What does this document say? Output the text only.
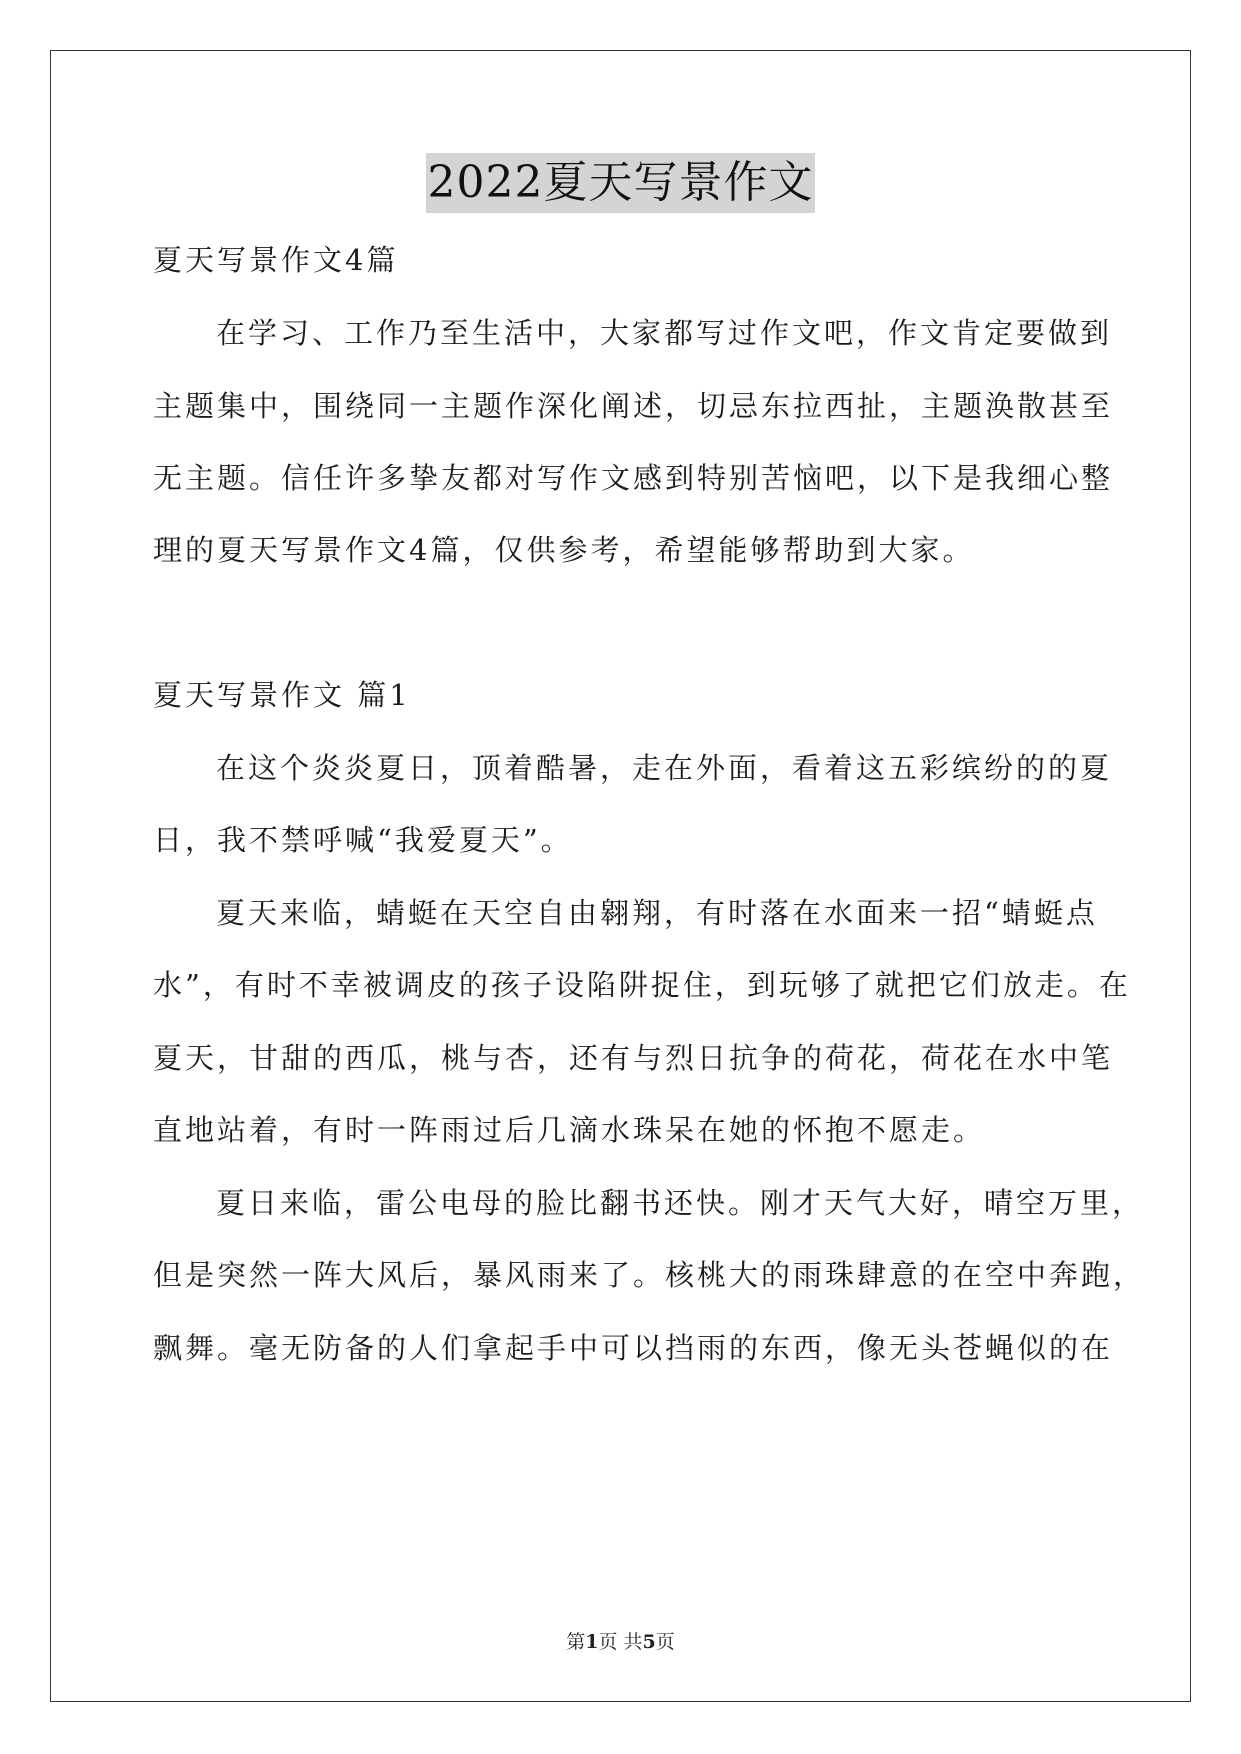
2022夏天写景作文
夏天写景作文4篇
在学习、工作乃至生活中，大家都写过作文吧，作文肯定要做到
主题集中，围绕同一主题作深化阐述，切忌东拉西扯，主题涣散甚至
无主题。信任许多挚友都对写作文感到特别苦恼吧，以下是我细心整
理的夏天写景作文4篇，仅供参考，希望能够帮助到大家。
夏天写景作文 篇1
在这个炎炎夏日，顶着酷暑，走在外面，看着这五彩缤纷的的夏
日，我不禁呼喊“我爱夏天”。
夏天来临，蜻蜓在天空自由翱翔，有时落在水面来一招“蜻蜓点
水”，有时不幸被调皮的孩子设陷阱捉住，到玩够了就把它们放走。在
夏天，甘甜的西瓜，桃与杏，还有与烈日抗争的荷花，荷花在水中笔
直地站着，有时一阵雨过后几滴水珠呆在她的怀抱不愿走。
夏日来临，雷公电母的脸比翻书还快。刚才天气大好，晴空万里，
但是突然一阵大风后，暴风雨来了。核桃大的雨珠肆意的在空中奔跑，
飘舞。毫无防备的人们拿起手中可以挡雨的东西，像无头苍蝇似的在
第1页 共5页
